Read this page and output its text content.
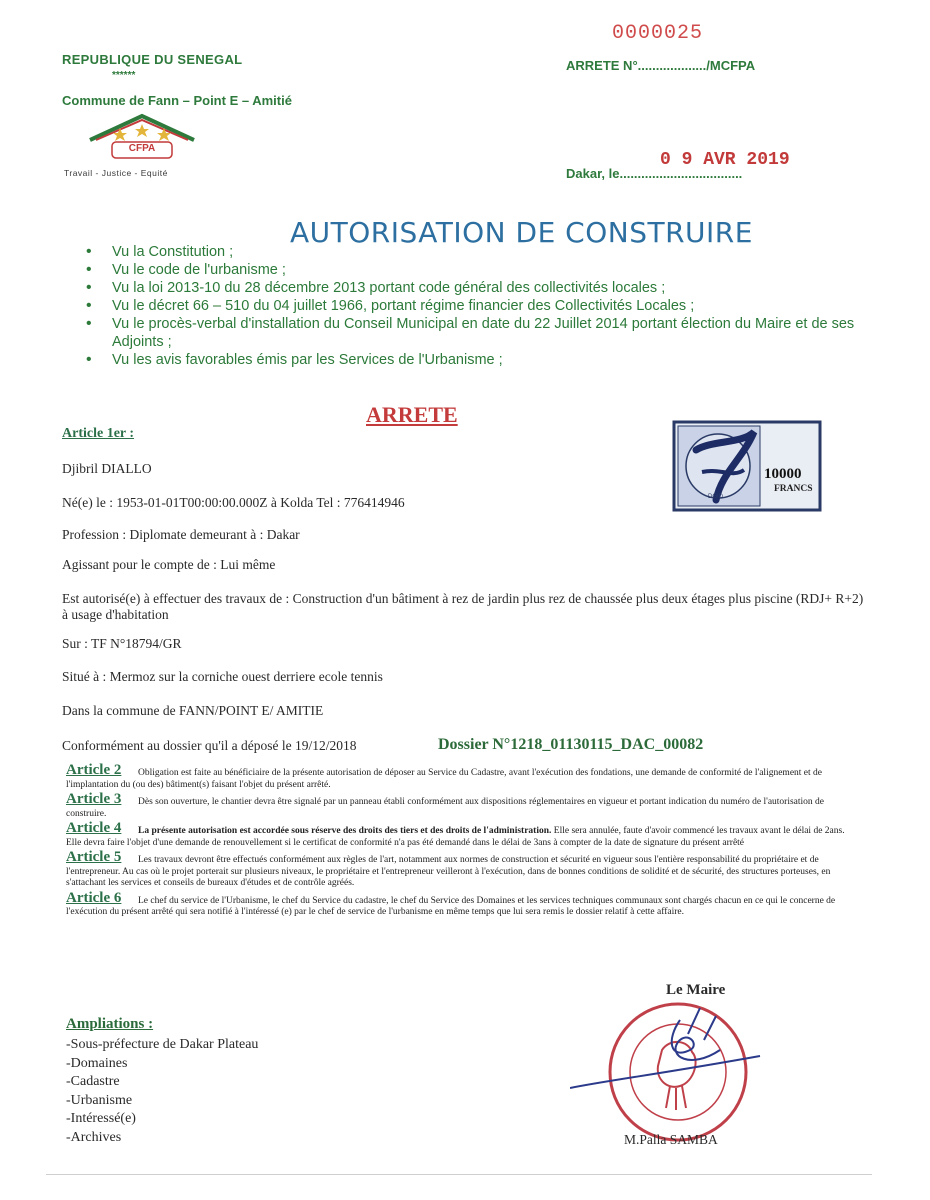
REPUBLIQUE DU SENEGAL
******
Commune de Fann – Point E – Amitié
CFPA
Travail - Justice - Equité
0000025
ARRETE N°.................../MCFPA
Dakar, le..................................
0 9 AVR 2019
AUTORISATION DE CONSTRUIRE
• Vu la Constitution ;
• Vu le code de l'urbanisme ;
• Vu la loi 2013-10 du 28 décembre 2013 portant code général des collectivités locales ;
• Vu le décret 66 – 510 du 04 juillet 1966, portant régime financier des Collectivités Locales ;
• Vu le procès-verbal d'installation du Conseil Municipal en date du 22 Juillet 2014 portant élection du Maire et de ses Adjoints ;
• Vu les avis favorables émis par les Services de l'Urbanisme ;
ARRETE
Article 1er :
Djibril DIALLO
Né(e) le : 1953-01-01T00:00:00.000Z à Kolda Tel : 776414946
Profession : Diplomate demeurant à : Dakar
Agissant pour le compte de : Lui même
Est autorisé(e) à effectuer des travaux de : Construction d'un bâtiment à rez de jardin plus rez de chaussée plus deux étages plus piscine (RDJ+ R+2) à usage d'habitation
Sur : TF N°18794/GR
Situé à : Mermoz sur la corniche ouest derriere ecole tennis
Dans la commune de FANN/POINT E/ AMITIE
Conformément au dossier qu'il a déposé le 19/12/2018	Dossier N°1218_01130115_DAC_00082
10000
FRANCS
DGID

Article 2 Obligation est faite au bénéficiaire de la présente autorisation de déposer au Service du Cadastre, avant l'exécution des fondations, une demande de conformité de l'alignement et de l'implantation du (ou des) bâtiment(s) faisant l'objet du présent arrêté.

Article 3 Dès son ouverture, le chantier devra être signalé par un panneau établi conformément aux dispositions réglementaires en vigueur et portant indication du numéro de l'autorisation de construire.

Article 4 La présente autorisation est accordée sous réserve des droits des tiers et des droits de l'administration. Elle sera annulée, faute d'avoir commencé les travaux avant le délai de 2ans. Elle devra faire l'objet d'une demande de renouvellement si le certificat de conformité n'a pas été demandé dans le délai de 3ans à compter de la date de signature du présent arrêté

Article 5 Les travaux devront être effectués conformément aux règles de l'art, notamment aux normes de construction et sécurité en vigueur sous l'entière responsabilité du propriétaire et de l'entrepreneur. Au cas où le projet porterait sur plusieurs niveaux, le propriétaire et l'entrepreneur veilleront à l'exécution, dans de bonnes conditions de solidité et de sécurité, des structures porteuses, en s'attachant les services et conseils de bureaux d'études et de contrôle agréés.

Article 6 Le chef du service de l'Urbanisme, le chef du Service du cadastre, le chef du Service des Domaines et les services techniques communaux sont chargés chacun en ce qui le concerne de l'exécution du présent arrêté qui sera notifié à l'intéressé (e) par le chef de service de l'urbanisme en même temps que lui sera remis le dossier relatif à cette affaire.

Le Maire
M.Palla SAMBA
Ampliations :
-Sous-préfecture de Dakar Plateau
-Domaines
-Cadastre
-Urbanisme
-Intéressé(e)
-Archives
